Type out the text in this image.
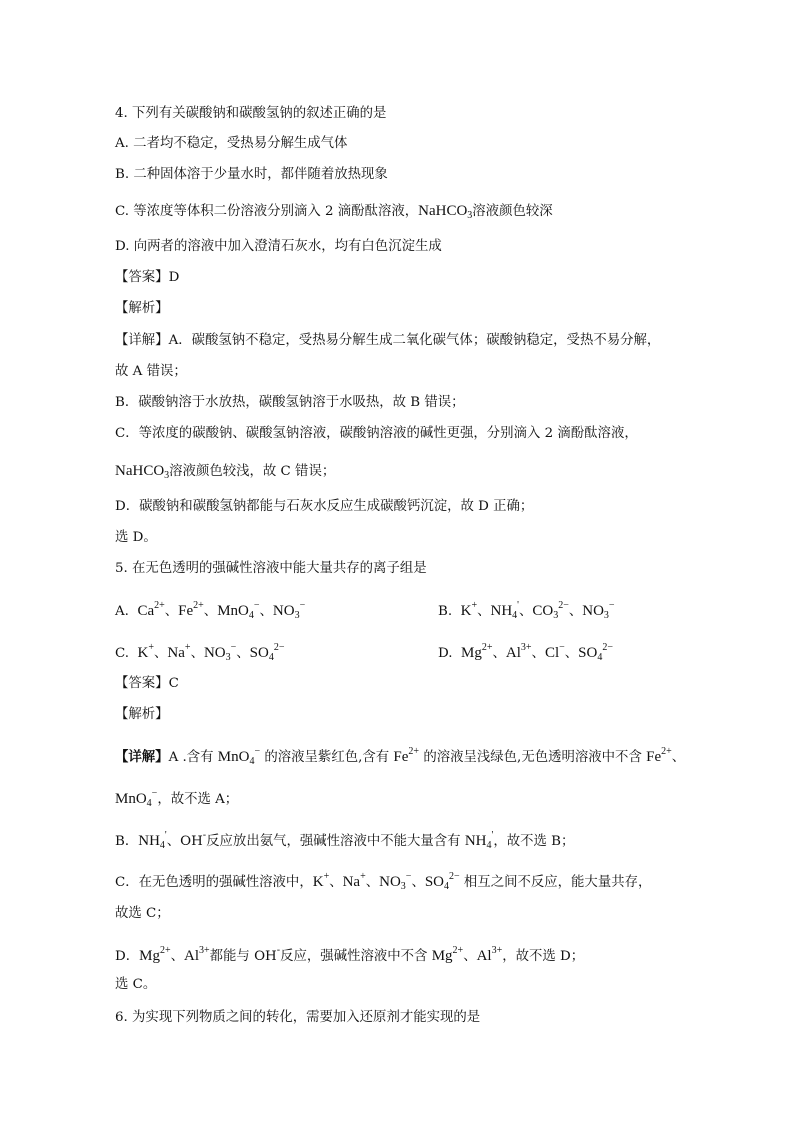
4. 下列有关碳酸钠和碳酸氢钠的叙述正确的是

A. 二者均不稳定，受热易分解生成气体

B. 二种固体溶于少量水时，都伴随着放热现象

C. 等浓度等体积二份溶液分别滴入 2 滴酚酞溶液，NaHCO$_3$溶液颜色较深

D. 向两者的溶液中加入澄清石灰水，均有白色沉淀生成

【答案】D

【解析】

【详解】A．碳酸氢钠不稳定，受热易分解生成二氧化碳气体；碳酸钠稳定，受热不易分解，

故 A 错误；

B．碳酸钠溶于水放热，碳酸氢钠溶于水吸热，故 B 错误；

C．等浓度的碳酸钠、碳酸氢钠溶液，碳酸钠溶液的碱性更强，分别滴入 2 滴酚酞溶液，

NaHCO$_3$溶液颜色较浅，故 C 错误；

D．碳酸钠和碳酸氢钠都能与石灰水反应生成碳酸钙沉淀，故 D 正确；

选 D。

5. 在无色透明的强碱性溶液中能大量共存的离子组是

A. $Ca^{2+}$、$Fe^{2+}$、MnO$_4$−、$NO_3^-$	B. K+、$NH_4'$、$CO_3^{2-}$、$NO_3^-$

C. K+、Na+、$NO_3^-$、$SO_4^{2-}$	D. $Mg^{2+}$、$Al^{3+}$、Cl−、$SO_4^{2-}$

【答案】C

【解析】

【详解】A .含有 MnO$_4$− 的溶液呈紫红色,含有 $Fe^{2+}$ 的溶液呈浅绿色,无色透明溶液中不含 $Fe^{2+}$、

MnO$_4$−，故不选 A；

B．$NH_4'$、OH-反应放出氨气，强碱性溶液中不能大量含有 $NH_4'$，故不选 B；

C．在无色透明的强碱性溶液中，K+、Na+、$NO_3^-$、$SO_4^{2-}$ 相互之间不反应，能大量共存，

故选 C；

D．$Mg^{2+}$、$Al^{3+}$都能与 OH-反应，强碱性溶液中不含 $Mg^{2+}$、$Al^{3+}$，故不选 D；

选 C。

6. 为实现下列物质之间的转化，需要加入还原剂才能实现的是
